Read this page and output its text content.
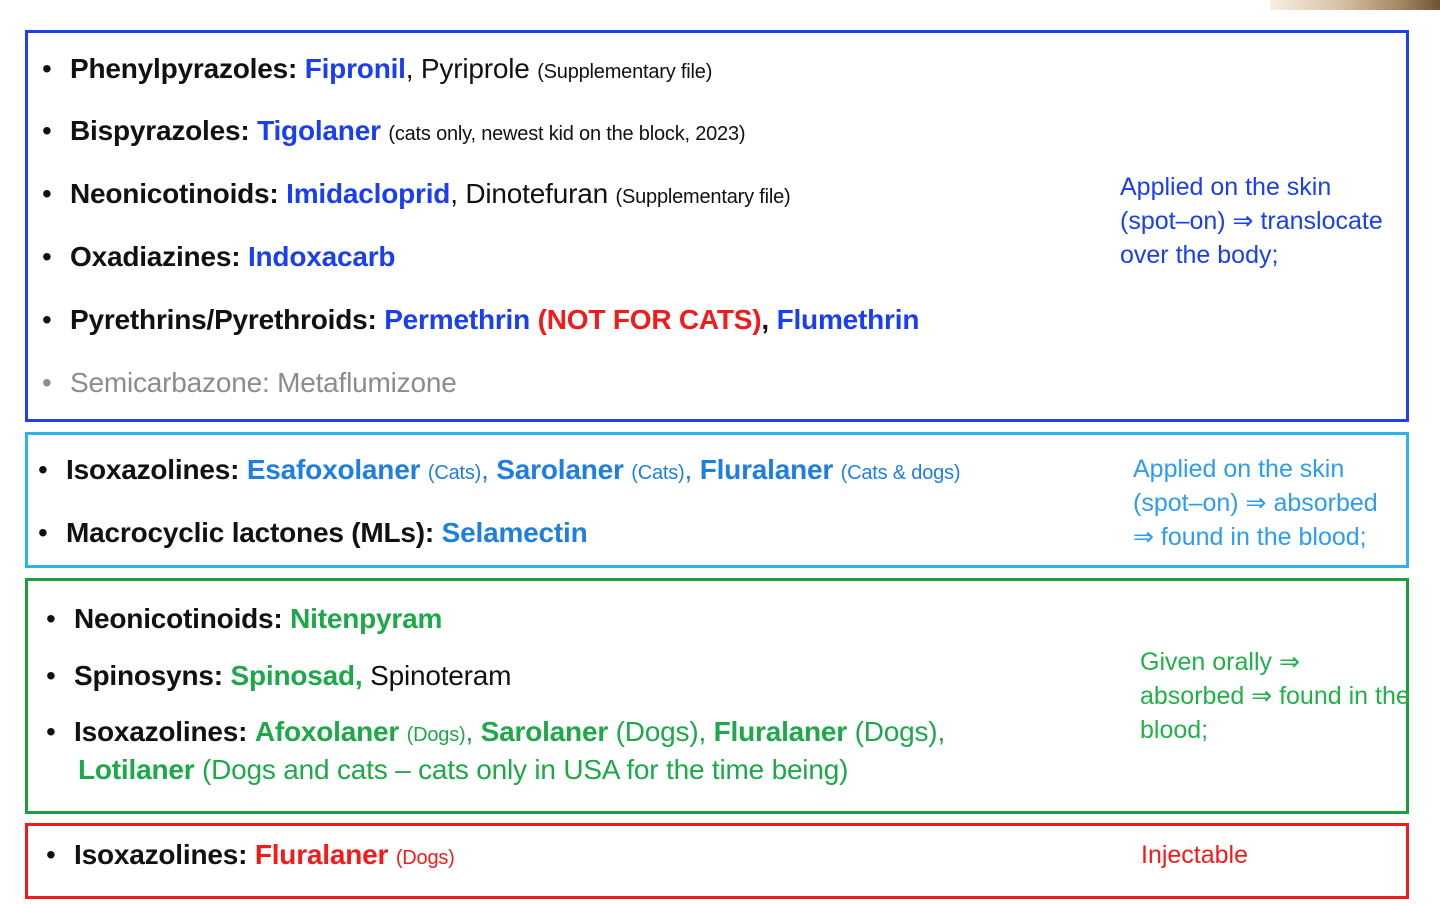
• Phenylpyrazoles: Fipronil, Pyriprole (Supplementary file)
• Bispyrazoles: Tigolaner (cats only, newest kid on the block, 2023)
• Neonicotinoids: Imidacloprid, Dinotefuran (Supplementary file)
• Oxadiazines: Indoxacarb
• Pyrethrins/Pyrethroids: Permethrin (NOT FOR CATS), Flumethrin
• Semicarbazone: Metaflumizone
Applied on the skin (spot–on) ⇒ translocate over the body;
• Isoxazolines: Esafoxolaner (Cats), Sarolaner (Cats), Fluralaner (Cats & dogs)
• Macrocyclic lactones (MLs): Selamectin
Applied on the skin (spot–on) ⇒ absorbed ⇒ found in the blood;
• Neonicotinoids: Nitenpyram
• Spinosyns: Spinosad, Spinoteram
• Isoxazolines: Afoxolaner (Dogs), Sarolaner (Dogs), Fluralaner (Dogs),
Lotilaner (Dogs and cats – cats only in USA for the time being)
Given orally ⇒ absorbed ⇒ found in the blood;
• Isoxazolines: Fluralaner (Dogs)	Injectable
